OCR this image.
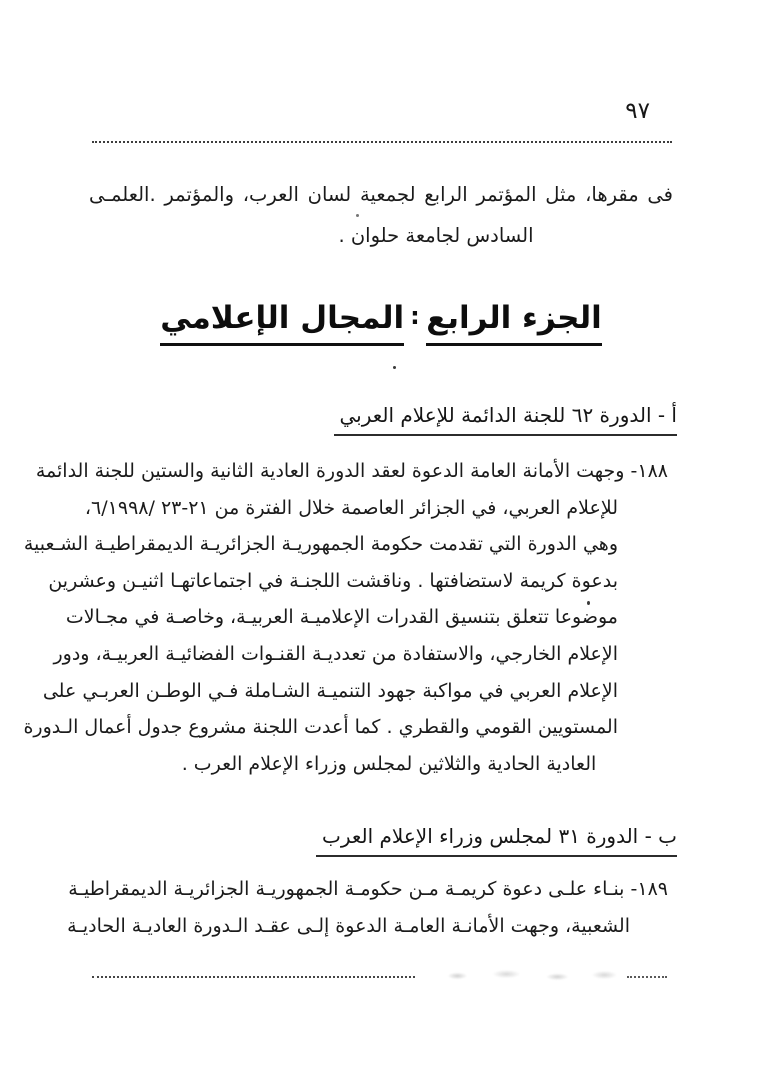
٩٧
فى مقرها، مثل المؤتمر الرابع لجمعية لسان العرب، والمؤتمر .العلمـى
السادس لجامعة حلوان .
الجزء الرابع:المجال الإعلامي
أ - الدورة ٦٢ للجنة الدائمة للإعلام العربي
١٨٨- وجهت الأمانة العامة الدعوة لعقد الدورة العادية الثانية والستين للجنة الدائمة
للإعلام العربي، في الجزائر العاصمة خلال الفترة من ٢١-٢٣ /٦/١٩٩٨،
وهي الدورة التي تقدمت حكومة الجمهوريـة الجزائريـة الديمقراطيـة الشـعبية
بدعوة كريمة لاستضافتها . وناقشت اللجنـة في اجتماعاتهـا اثنيـن وعشرين
موضوعا تتعلق بتنسيق القدرات الإعلاميـة العربيـة، وخاصـة في مجـالات
الإعلام الخارجي، والاستفادة من تعدديـة القنـوات الفضائيـة العربيـة، ودور
الإعلام العربي في مواكبة جهود التنميـة الشـاملة فـي الوطـن العربـي على
المستويين القومي والقطري . كما أعدت اللجنة مشروع جدول أعمال الـدورة
العادية الحادية والثلاثين لمجلس وزراء الإعلام العرب .
ب - الدورة ٣١ لمجلس وزراء الإعلام العرب
١٨٩- بنـاء علـى دعوة كريمـة مـن حكومـة الجمهوريـة الجزائريـة الديمقراطيـة
الشعبية، وجهت الأمانـة العامـة الدعوة إلـى عقـد الـدورة العاديـة الحاديـة
